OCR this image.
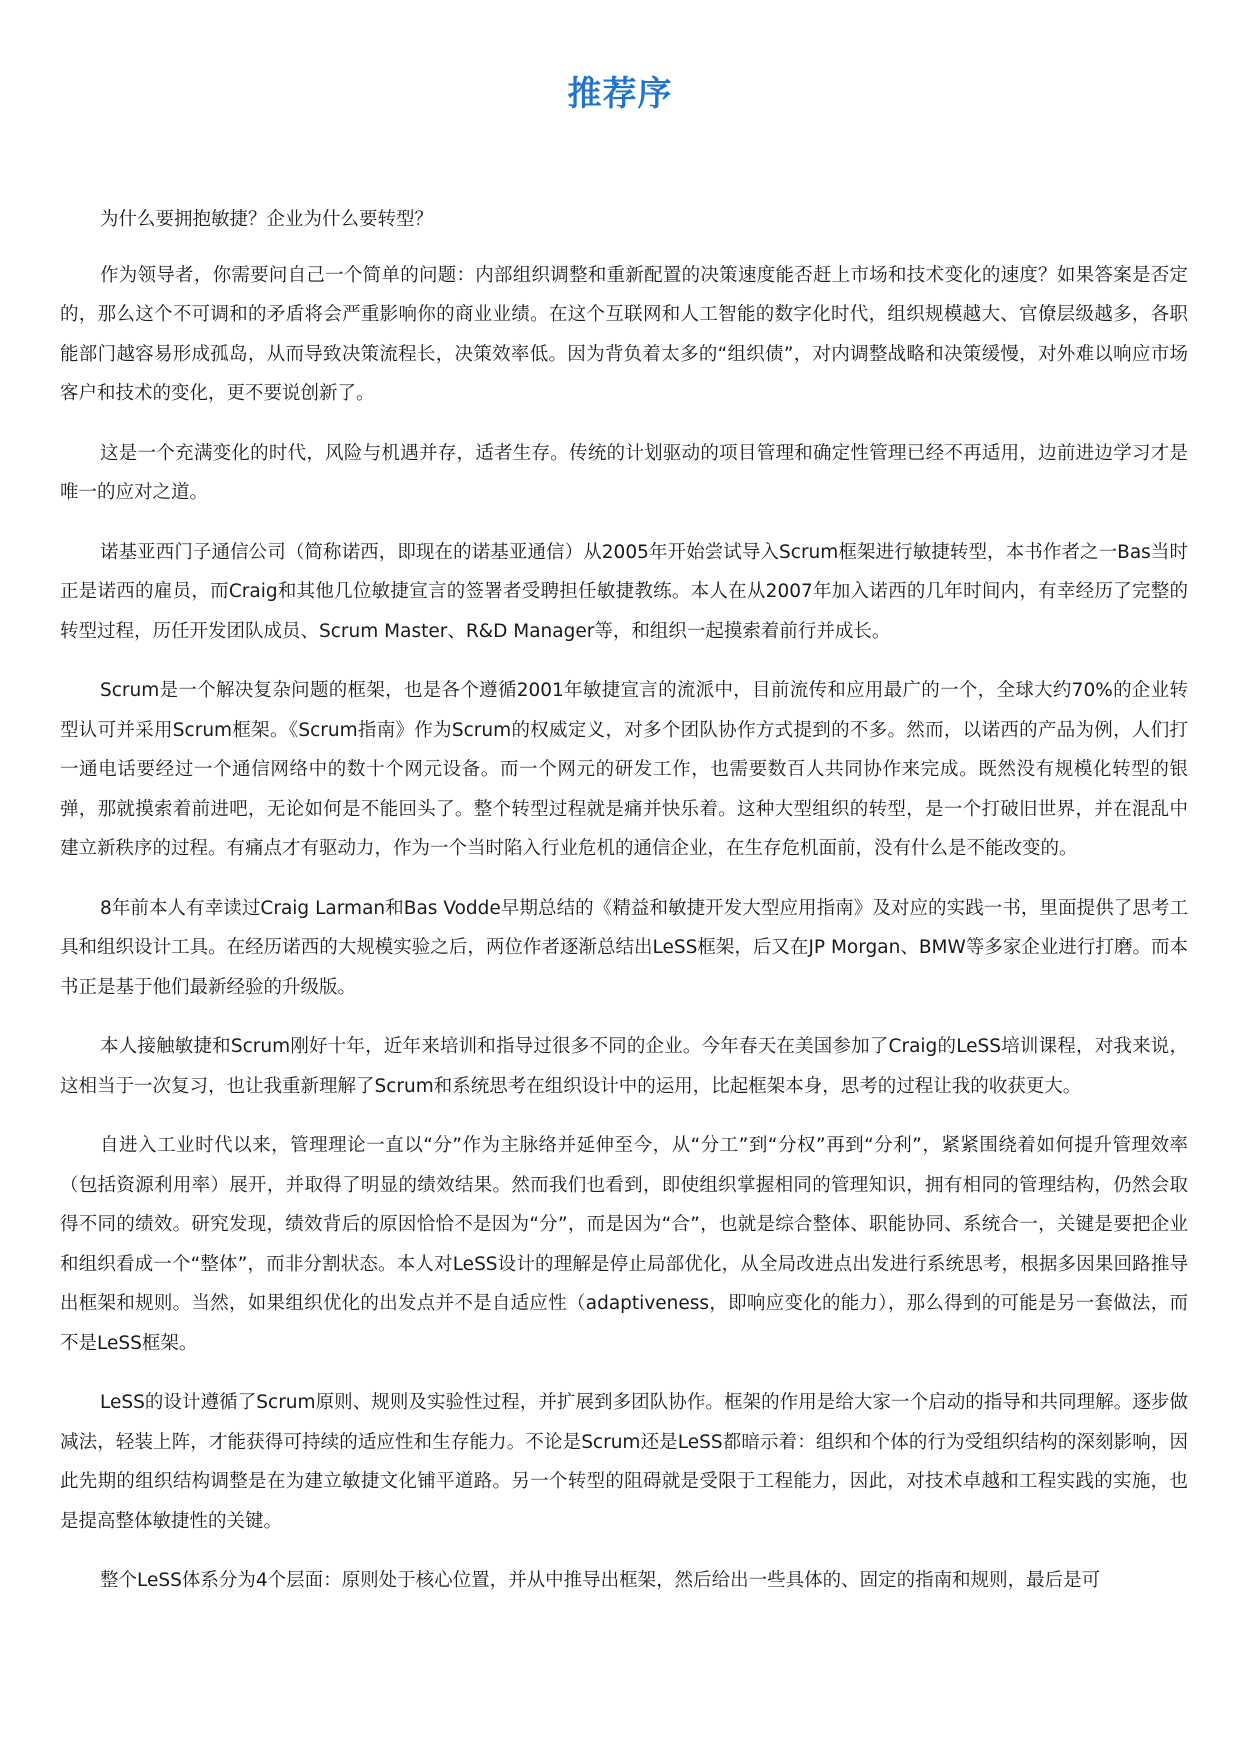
推荐序

为什么要拥抱敏捷？企业为什么要转型？

作为领导者，你需要问自己一个简单的问题：内部组织调整和重新配置的决策速度能否赶上市场和技术变化的速度？如果答案是否定的，那么这个不可调和的矛盾将会严重影响你的商业业绩。在这个互联网和人工智能的数字化时代，组织规模越大、官僚层级越多，各职能部门越容易形成孤岛，从而导致决策流程长，决策效率低。因为背负着太多的“组织债”，对内调整战略和决策缓慢，对外难以响应市场客户和技术的变化，更不要说创新了。

这是一个充满变化的时代，风险与机遇并存，适者生存。传统的计划驱动的项目管理和确定性管理已经不再适用，边前进边学习才是唯一的应对之道。

诺基亚西门子通信公司（简称诺西，即现在的诺基亚通信）从2005年开始尝试导入Scrum框架进行敏捷转型，本书作者之一Bas当时正是诺西的雇员，而Craig和其他几位敏捷宣言的签署者受聘担任敏捷教练。本人在从2007年加入诺西的几年时间内，有幸经历了完整的转型过程，历任开发团队成员、Scrum Master、R&D Manager等，和组织一起摸索着前行并成长。

Scrum是一个解决复杂问题的框架，也是各个遵循2001年敏捷宣言的流派中，目前流传和应用最广的一个，全球大约70%的企业转型认可并采用Scrum框架。《Scrum指南》作为Scrum的权威定义，对多个团队协作方式提到的不多。然而，以诺西的产品为例，人们打一通电话要经过一个通信网络中的数十个网元设备。而一个网元的研发工作，也需要数百人共同协作来完成。既然没有规模化转型的银弹，那就摸索着前进吧，无论如何是不能回头了。整个转型过程就是痛并快乐着。这种大型组织的转型，是一个打破旧世界，并在混乱中建立新秩序的过程。有痛点才有驱动力，作为一个当时陷入行业危机的通信企业，在生存危机面前，没有什么是不能改变的。

8年前本人有幸读过Craig Larman和Bas Vodde早期总结的《精益和敏捷开发大型应用指南》及对应的实践一书，里面提供了思考工具和组织设计工具。在经历诺西的大规模实验之后，两位作者逐渐总结出LeSS框架，后又在JP Morgan、BMW等多家企业进行打磨。而本书正是基于他们最新经验的升级版。

本人接触敏捷和Scrum刚好十年，近年来培训和指导过很多不同的企业。今年春天在美国参加了Craig的LeSS培训课程，对我来说，这相当于一次复习，也让我重新理解了Scrum和系统思考在组织设计中的运用，比起框架本身，思考的过程让我的收获更大。

自进入工业时代以来，管理理论一直以“分”作为主脉络并延伸至今，从“分工”到“分权”再到“分利”，紧紧围绕着如何提升管理效率（包括资源利用率）展开，并取得了明显的绩效结果。然而我们也看到，即使组织掌握相同的管理知识，拥有相同的管理结构，仍然会取得不同的绩效。研究发现，绩效背后的原因恰恰不是因为“分”，而是因为“合”，也就是综合整体、职能协同、系统合一，关键是要把企业和组织看成一个“整体”，而非分割状态。本人对LeSS设计的理解是停止局部优化，从全局改进点出发进行系统思考，根据多因果回路推导出框架和规则。当然，如果组织优化的出发点并不是自适应性（adaptiveness，即响应变化的能力），那么得到的可能是另一套做法，而不是LeSS框架。

LeSS的设计遵循了Scrum原则、规则及实验性过程，并扩展到多团队协作。框架的作用是给大家一个启动的指导和共同理解。逐步做减法，轻装上阵，才能获得可持续的适应性和生存能力。不论是Scrum还是LeSS都暗示着：组织和个体的行为受组织结构的深刻影响，因此先期的组织结构调整是在为建立敏捷文化铺平道路。另一个转型的阻碍就是受限于工程能力，因此，对技术卓越和工程实践的实施，也是提高整体敏捷性的关键。

整个LeSS体系分为4个层面：原则处于核心位置，并从中推导出框架，然后给出一些具体的、固定的指南和规则，最后是可
